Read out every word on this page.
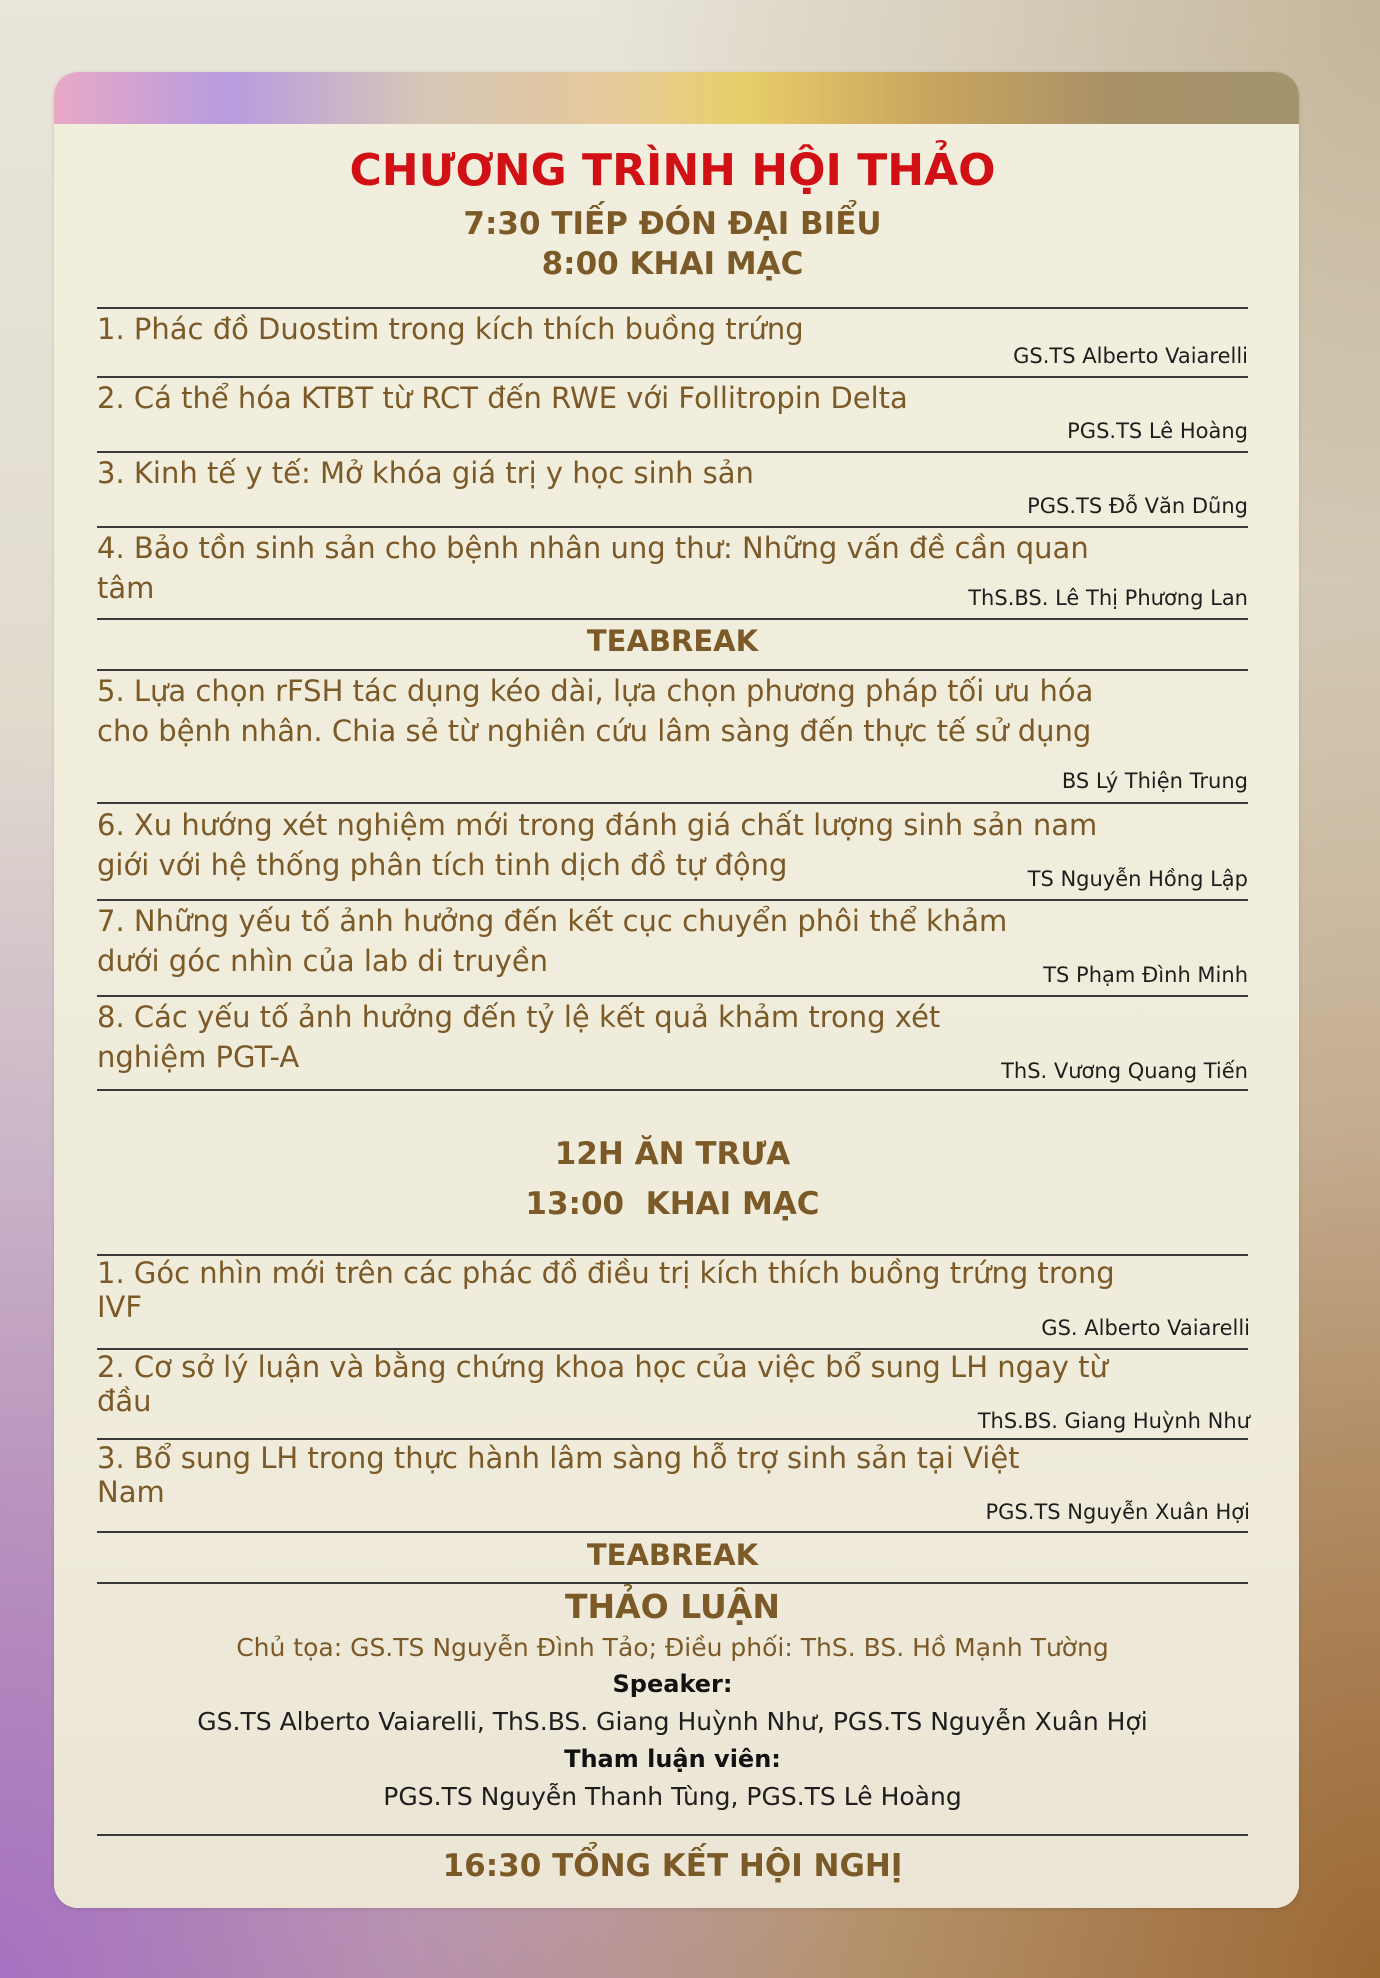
CHƯƠNG TRÌNH HỘI THẢO
7:30 TIẾP ĐÓN ĐẠI BIỂU
8:00 KHAI MẠC
1. Phác đồ Duostim trong kích thích buồng trứng
GS.TS Alberto Vaiarelli
2. Cá thể hóa KTBT từ RCT đến RWE với Follitropin Delta
PGS.TS Lê Hoàng
3. Kinh tế y tế: Mở khóa giá trị y học sinh sản
PGS.TS Đỗ Văn Dũng
4. Bảo tồn sinh sản cho bệnh nhân ung thư: Những vấn đề cần quan tâm	ThS.BS. Lê Thị Phương Lan
TEABREAK
5. Lựa chọn rFSH tác dụng kéo dài, lựa chọn phương pháp tối ưu hóa cho bệnh nhân. Chia sẻ từ nghiên cứu lâm sàng đến thực tế sử dụng
BS Lý Thiện Trung
6. Xu hướng xét nghiệm mới trong đánh giá chất lượng sinh sản nam giới với hệ thống phân tích tinh dịch đồ tự động	TS Nguyễn Hồng Lập
7. Những yếu tố ảnh hưởng đến kết cục chuyển phôi thể khảm dưới góc nhìn của lab di truyền	TS Phạm Đình Minh
8. Các yếu tố ảnh hưởng đến tỷ lệ kết quả khảm trong xét nghiệm PGT-A	ThS. Vương Quang Tiến
12H ĂN TRƯA
13:00  KHAI MẠC
1. Góc nhìn mới trên các phác đồ điều trị kích thích buồng trứng trong IVF
GS. Alberto Vaiarelli
2. Cơ sở lý luận và bằng chứng khoa học của việc bổ sung LH ngay từ đầu
ThS.BS. Giang Huỳnh Như
3. Bổ sung LH trong thực hành lâm sàng hỗ trợ sinh sản tại Việt Nam
PGS.TS Nguyễn Xuân Hợi
TEABREAK
THẢO LUẬN
Chủ tọa: GS.TS Nguyễn Đình Tảo; Điều phối: ThS. BS. Hồ Mạnh Tường
Speaker:
GS.TS Alberto Vaiarelli, ThS.BS. Giang Huỳnh Như, PGS.TS Nguyễn Xuân Hợi
Tham luận viên:
PGS.TS Nguyễn Thanh Tùng, PGS.TS Lê Hoàng
16:30 TỔNG KẾT HỘI NGHỊ
